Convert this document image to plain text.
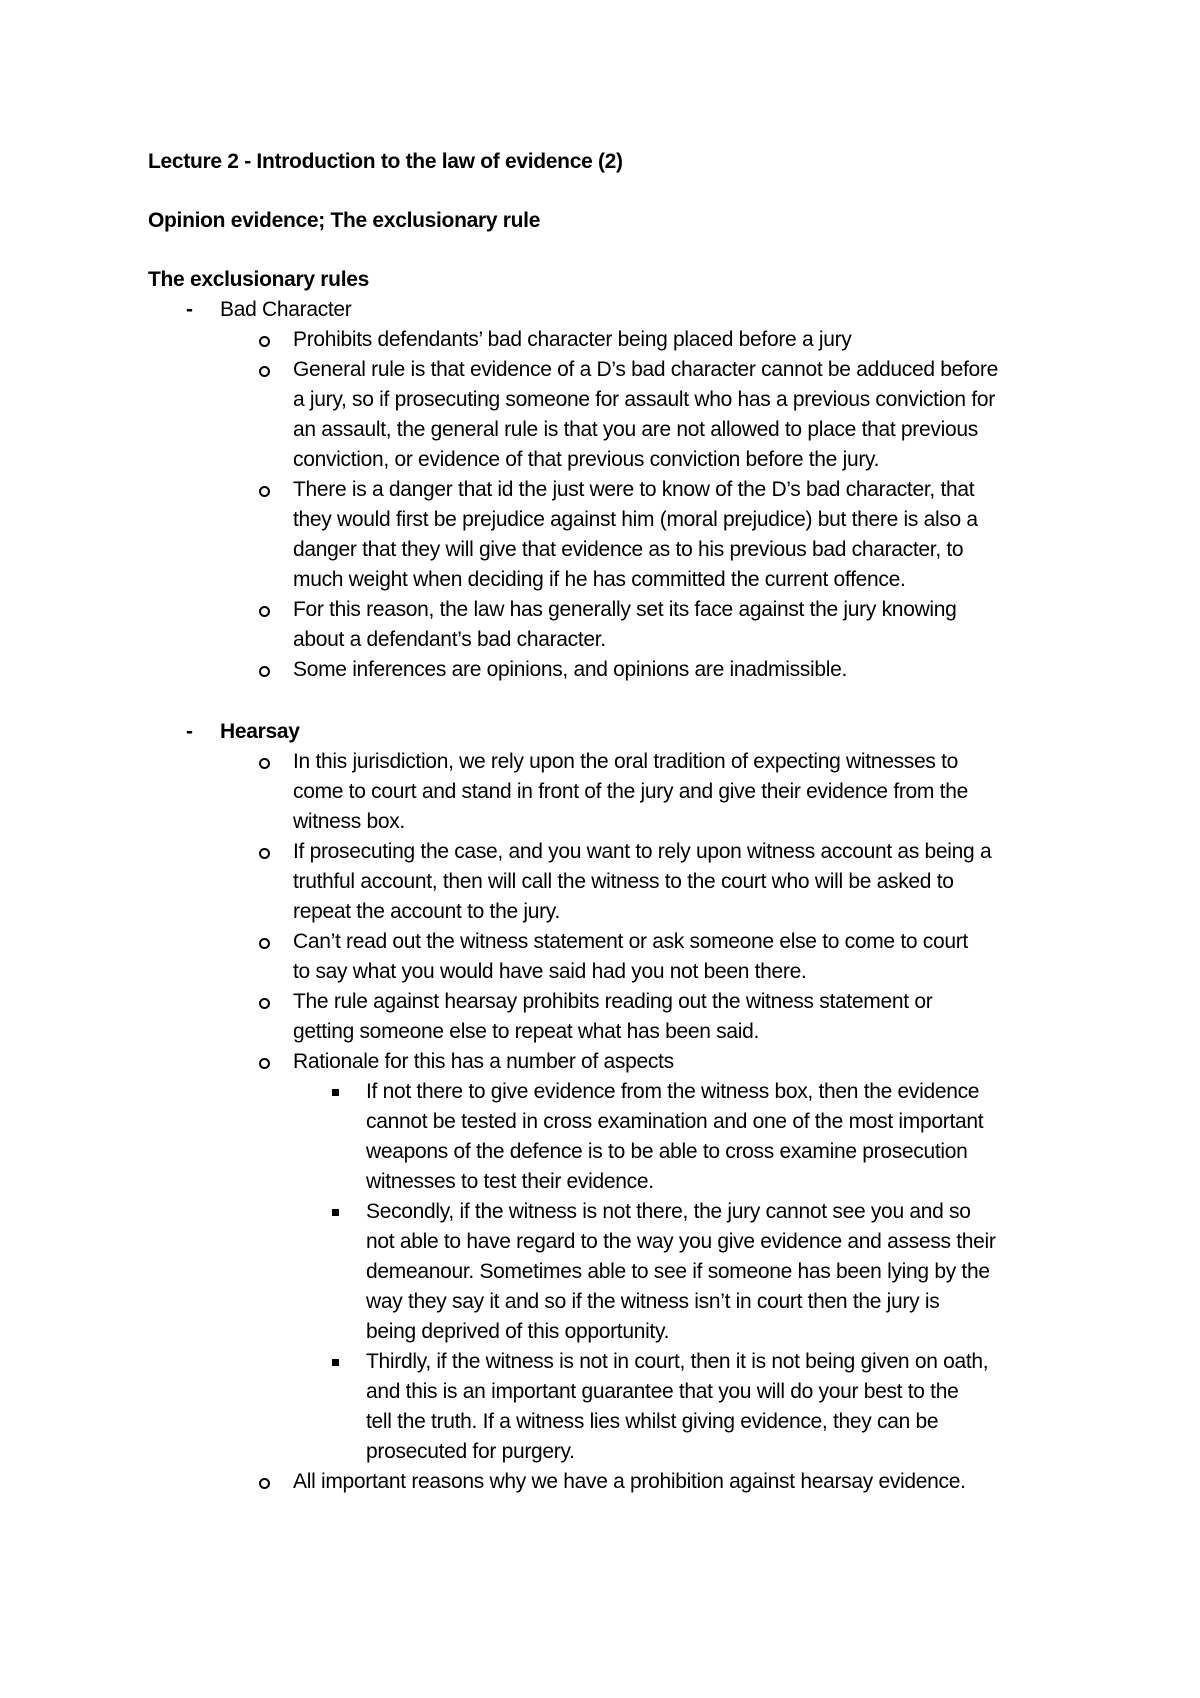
Lecture 2 - Introduction to the law of evidence (2)
Opinion evidence; The exclusionary rule
The exclusionary rules
- Bad Character
Prohibits defendants’ bad character being placed before a jury
General rule is that evidence of a D’s bad character cannot be adduced before
a jury, so if prosecuting someone for assault who has a previous conviction for
an assault, the general rule is that you are not allowed to place that previous
conviction, or evidence of that previous conviction before the jury.
There is a danger that id the just were to know of the D’s bad character, that
they would first be prejudice against him (moral prejudice) but there is also a
danger that they will give that evidence as to his previous bad character, to
much weight when deciding if he has committed the current offence.
For this reason, the law has generally set its face against the jury knowing
about a defendant’s bad character.
Some inferences are opinions, and opinions are inadmissible.
- Hearsay
In this jurisdiction, we rely upon the oral tradition of expecting witnesses to
come to court and stand in front of the jury and give their evidence from the
witness box.
If prosecuting the case, and you want to rely upon witness account as being a
truthful account, then will call the witness to the court who will be asked to
repeat the account to the jury.
Can’t read out the witness statement or ask someone else to come to court
to say what you would have said had you not been there.
The rule against hearsay prohibits reading out the witness statement or
getting someone else to repeat what has been said.
Rationale for this has a number of aspects
If not there to give evidence from the witness box, then the evidence
cannot be tested in cross examination and one of the most important
weapons of the defence is to be able to cross examine prosecution
witnesses to test their evidence.
Secondly, if the witness is not there, the jury cannot see you and so
not able to have regard to the way you give evidence and assess their
demeanour. Sometimes able to see if someone has been lying by the
way they say it and so if the witness isn’t in court then the jury is
being deprived of this opportunity.
Thirdly, if the witness is not in court, then it is not being given on oath,
and this is an important guarantee that you will do your best to the
tell the truth. If a witness lies whilst giving evidence, they can be
prosecuted for purgery.
All important reasons why we have a prohibition against hearsay evidence.
